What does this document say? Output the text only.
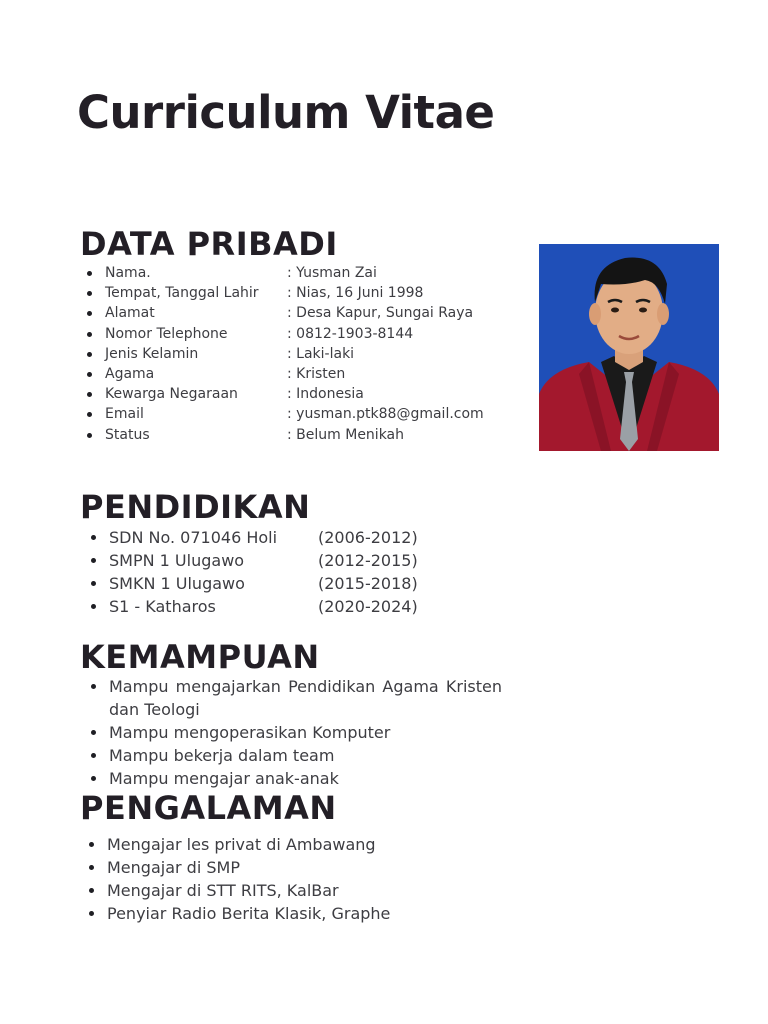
Curriculum Vitae
DATA PRIBADI
Nama.	: Yusman Zai
Tempat, Tanggal Lahir : Nias, 16 Juni 1998
Alamat	: Desa Kapur, Sungai Raya
Nomor Telephone	: 0812-1903-8144
Jenis Kelamin	: Laki-laki
Agama	: Kristen
Kewarga Negaraan	: Indonesia
Email	: yusman.ptk88@gmail.com
Status	: Belum Menikah
PENDIDIKAN
SDN No. 071046 Holi	(2006-2012)
SMPN 1 Ulugawo	(2012-2015)
SMKN 1 Ulugawo	(2015-2018)
S1 - Katharos	(2020-2024)
KEMAMPUAN
Mampu mengajarkan Pendidikan Agama Kristen dan Teologi
Mampu mengoperasikan Komputer
Mampu bekerja dalam team
Mampu mengajar anak-anak
PENGALAMAN
Mengajar les privat di Ambawang
Mengajar di SMP
Mengajar di STT RITS, KalBar
Penyiar Radio Berita Klasik, Graphe
